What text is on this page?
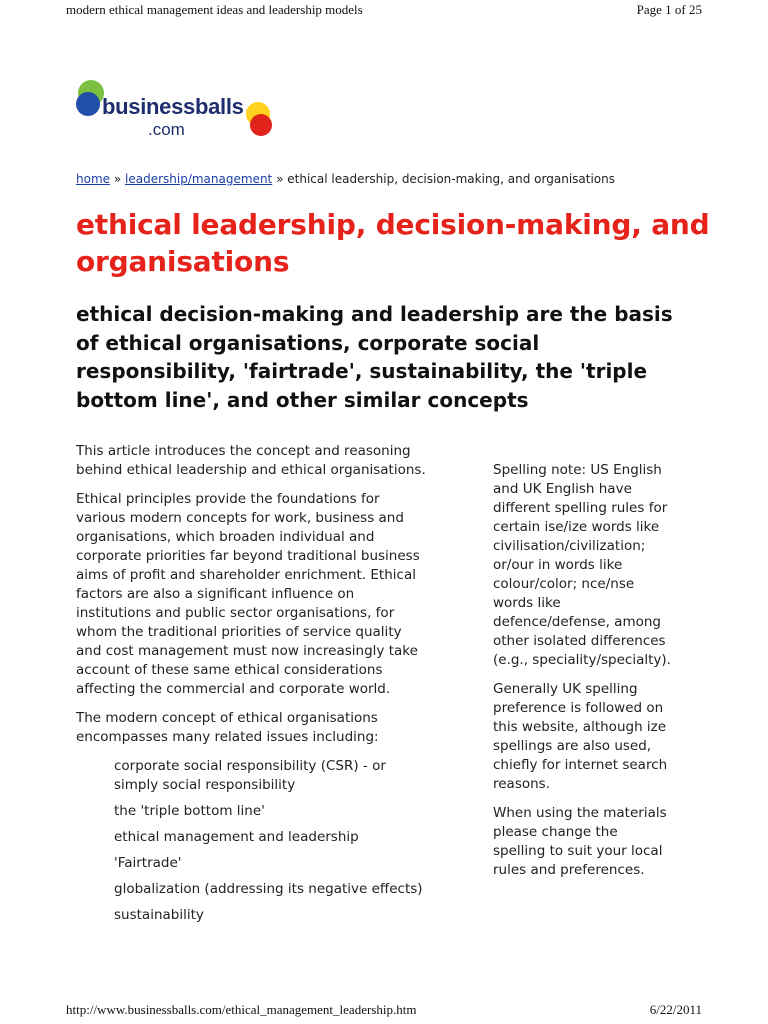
modern ethical management ideas and leadership models	Page 1 of 25
businessballs
.com
home » leadership/management » ethical leadership, decision-making, and organisations
ethical leadership, decision-making, and organisations
ethical decision-making and leadership are the basis of ethical organisations, corporate social responsibility, 'fairtrade', sustainability, the 'triple bottom line', and other similar concepts

This article introduces the concept and reasoning behind ethical leadership and ethical organisations.

Ethical principles provide the foundations for various modern concepts for work, business and organisations, which broaden individual and corporate priorities far beyond traditional business aims of profit and shareholder enrichment. Ethical factors are also a significant influence on institutions and public sector organisations, for whom the traditional priorities of service quality and cost management must now increasingly take account of these same ethical considerations affecting the commercial and corporate world.

The modern concept of ethical organisations encompasses many related issues including:

corporate social responsibility (CSR) - or simply social responsibility
the 'triple bottom line'
ethical management and leadership
'Fairtrade'
globalization (addressing its negative effects)
sustainability

Spelling note: US English and UK English have different spelling rules for certain ise/ize words like civilisation/civilization; or/our in words like colour/color; nce/nse words like defence/defense, among other isolated differences (e.g., speciality/specialty).

Generally UK spelling preference is followed on this website, although ize spellings are also used, chiefly for internet search reasons.

When using the materials please change the spelling to suit your local rules and preferences.

http://www.businessballs.com/ethical_management_leadership.htm	6/22/2011
